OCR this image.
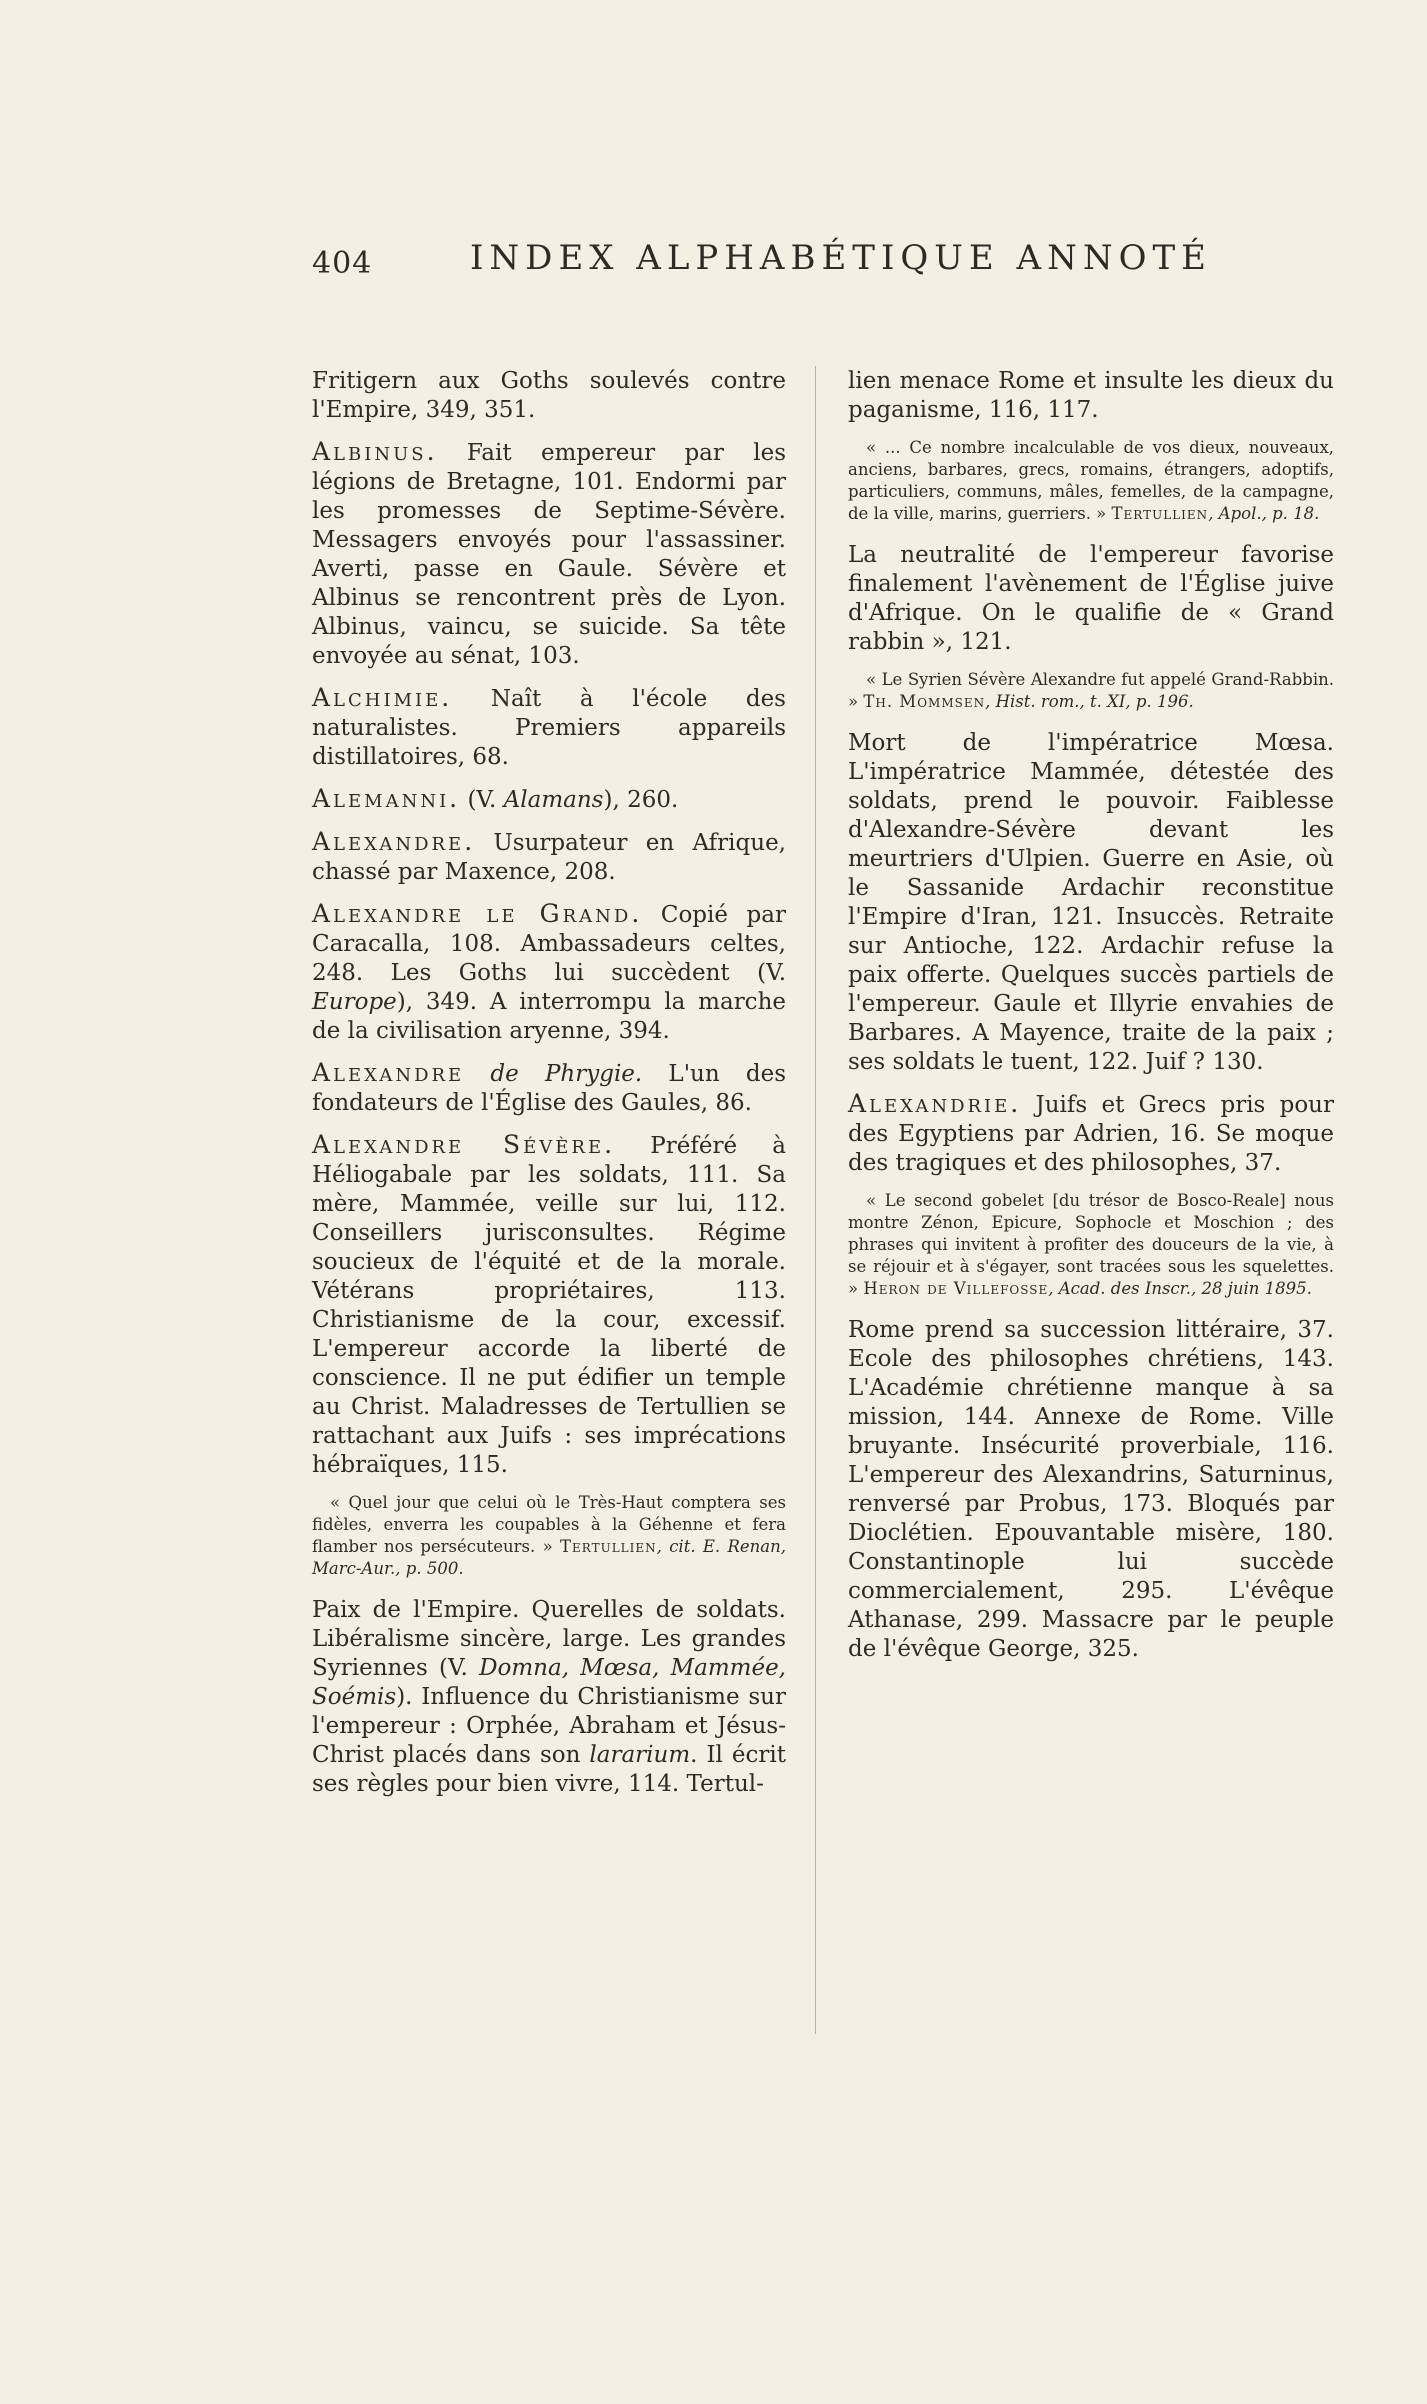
404	INDEX ALPHABÉTIQUE ANNOTÉ

Fritigern aux Goths soulevés contre l'Empire, 349, 351.

Albinus. Fait empereur par les légions de Bretagne, 101. Endormi par les promesses de Septime-Sévère. Messagers envoyés pour l'assassiner. Averti, passe en Gaule. Sévère et Albinus se rencontrent près de Lyon. Albinus, vaincu, se suicide. Sa tête envoyée au sénat, 103.

Alchimie. Naît à l'école des naturalistes. Premiers appareils distillatoires, 68.

Alemanni. (V. Alamans), 260.

Alexandre. Usurpateur en Afrique, chassé par Maxence, 208.

Alexandre le Grand. Copié par Caracalla, 108. Ambassadeurs celtes, 248. Les Goths lui succèdent (V. Europe), 349. A interrompu la marche de la civilisation aryenne, 394.

Alexandre de Phrygie. L'un des fondateurs de l'Église des Gaules, 86.

Alexandre Sévère. Préféré à Héliogabale par les soldats, 111. Sa mère, Mammée, veille sur lui, 112. Conseillers jurisconsultes. Régime soucieux de l'équité et de la morale. Vétérans propriétaires, 113. Christianisme de la cour, excessif. L'empereur accorde la liberté de conscience. Il ne put édifier un temple au Christ. Maladresses de Tertullien se rattachant aux Juifs : ses imprécations hébraïques, 115.

« Quel jour que celui où le Très-Haut comptera ses fidèles, enverra les coupables à la Géhenne et fera flamber nos persécuteurs. » Tertullien, cit. E. Renan, Marc-Aur., p. 500.

Paix de l'Empire. Querelles de soldats. Libéralisme sincère, large. Les grandes Syriennes (V. Domna, Mœsa, Mammée, Soémis). Influence du Christianisme sur l'empereur : Orphée, Abraham et Jésus-Christ placés dans son lararium. Il écrit ses règles pour bien vivre, 114. Tertul-

lien menace Rome et insulte les dieux du paganisme, 116, 117.

« ... Ce nombre incalculable de vos dieux, nouveaux, anciens, barbares, grecs, romains, étrangers, adoptifs, particuliers, communs, mâles, femelles, de la campagne, de la ville, marins, guerriers. » Tertullien, Apol., p. 18.

La neutralité de l'empereur favorise finalement l'avènement de l'Église juive d'Afrique. On le qualifie de « Grand rabbin », 121.

« Le Syrien Sévère Alexandre fut appelé Grand-Rabbin. » Th. Mommsen, Hist. rom., t. XI, p. 196.

Mort de l'impératrice Mœsa. L'impératrice Mammée, détestée des soldats, prend le pouvoir. Faiblesse d'Alexandre-Sévère devant les meurtriers d'Ulpien. Guerre en Asie, où le Sassanide Ardachir reconstitue l'Empire d'Iran, 121. Insuccès. Retraite sur Antioche, 122. Ardachir refuse la paix offerte. Quelques succès partiels de l'empereur. Gaule et Illyrie envahies de Barbares. A Mayence, traite de la paix ; ses soldats le tuent, 122. Juif ? 130.

Alexandrie. Juifs et Grecs pris pour des Egyptiens par Adrien, 16. Se moque des tragiques et des philosophes, 37.

« Le second gobelet [du trésor de Bosco-Reale] nous montre Zénon, Epicure, Sophocle et Moschion ; des phrases qui invitent à profiter des douceurs de la vie, à se réjouir et à s'égayer, sont tracées sous les squelettes. » Heron de Villefosse, Acad. des Inscr., 28 juin 1895.

Rome prend sa succession littéraire, 37. Ecole des philosophes chrétiens, 143. L'Académie chrétienne manque à sa mission, 144. Annexe de Rome. Ville bruyante. Insécurité proverbiale, 116. L'empereur des Alexandrins, Saturninus, renversé par Probus, 173. Bloqués par Dioclétien. Epouvantable misère, 180. Constantinople lui succède commercialement, 295. L'évêque Athanase, 299. Massacre par le peuple de l'évêque George, 325.
